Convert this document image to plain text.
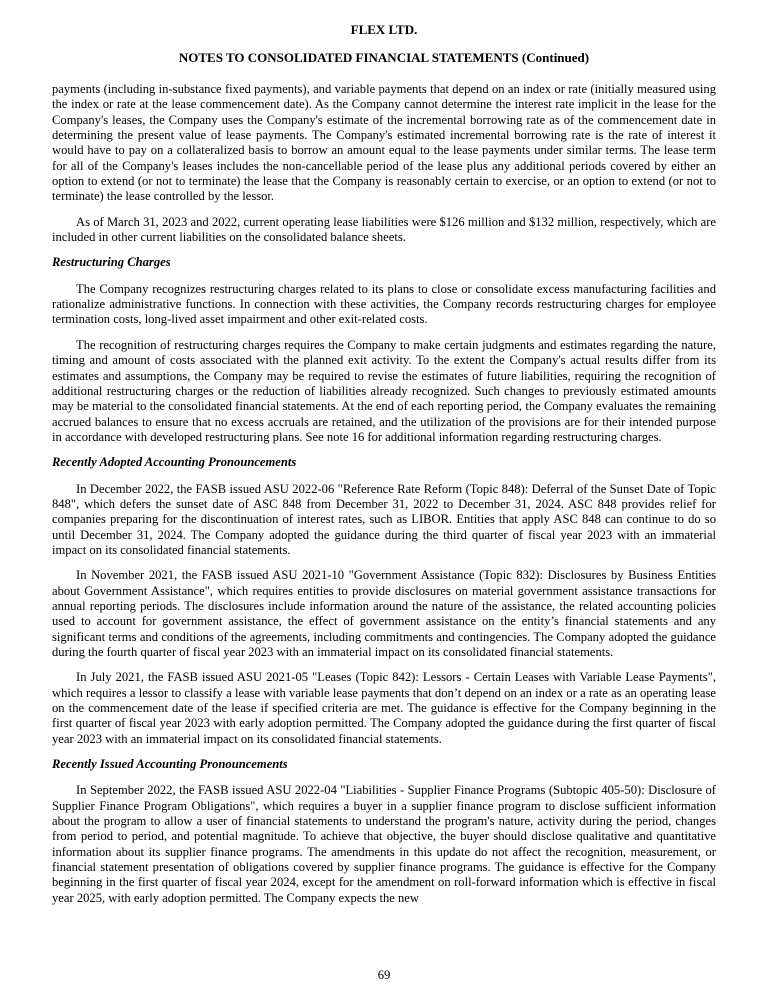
FLEX LTD.
NOTES TO CONSOLIDATED FINANCIAL STATEMENTS (Continued)

payments (including in-substance fixed payments), and variable payments that depend on an index or rate (initially measured using the index or rate at the lease commencement date). As the Company cannot determine the interest rate implicit in the lease for the Company's leases, the Company uses the Company's estimate of the incremental borrowing rate as of the commencement date in determining the present value of lease payments. The Company's estimated incremental borrowing rate is the rate of interest it would have to pay on a collateralized basis to borrow an amount equal to the lease payments under similar terms. The lease term for all of the Company's leases includes the non-cancellable period of the lease plus any additional periods covered by either an option to extend (or not to terminate) the lease that the Company is reasonably certain to exercise, or an option to extend (or not to terminate) the lease controlled by the lessor.

As of March 31, 2023 and 2022, current operating lease liabilities were $126 million and $132 million, respectively, which are included in other current liabilities on the consolidated balance sheets.

Restructuring Charges

The Company recognizes restructuring charges related to its plans to close or consolidate excess manufacturing facilities and rationalize administrative functions. In connection with these activities, the Company records restructuring charges for employee termination costs, long-lived asset impairment and other exit-related costs.

The recognition of restructuring charges requires the Company to make certain judgments and estimates regarding the nature, timing and amount of costs associated with the planned exit activity. To the extent the Company's actual results differ from its estimates and assumptions, the Company may be required to revise the estimates of future liabilities, requiring the recognition of additional restructuring charges or the reduction of liabilities already recognized. Such changes to previously estimated amounts may be material to the consolidated financial statements. At the end of each reporting period, the Company evaluates the remaining accrued balances to ensure that no excess accruals are retained, and the utilization of the provisions are for their intended purpose in accordance with developed restructuring plans. See note 16 for additional information regarding restructuring charges.

Recently Adopted Accounting Pronouncements

In December 2022, the FASB issued ASU 2022-06 "Reference Rate Reform (Topic 848): Deferral of the Sunset Date of Topic 848", which defers the sunset date of ASC 848 from December 31, 2022 to December 31, 2024. ASC 848 provides relief for companies preparing for the discontinuation of interest rates, such as LIBOR. Entities that apply ASC 848 can continue to do so until December 31, 2024. The Company adopted the guidance during the third quarter of fiscal year 2023 with an immaterial impact on its consolidated financial statements.

In November 2021, the FASB issued ASU 2021-10 "Government Assistance (Topic 832): Disclosures by Business Entities about Government Assistance", which requires entities to provide disclosures on material government assistance transactions for annual reporting periods. The disclosures include information around the nature of the assistance, the related accounting policies used to account for government assistance, the effect of government assistance on the entity’s financial statements and any significant terms and conditions of the agreements, including commitments and contingencies. The Company adopted the guidance during the fourth quarter of fiscal year 2023 with an immaterial impact on its consolidated financial statements.

In July 2021, the FASB issued ASU 2021-05 "Leases (Topic 842): Lessors - Certain Leases with Variable Lease Payments", which requires a lessor to classify a lease with variable lease payments that don’t depend on an index or a rate as an operating lease on the commencement date of the lease if specified criteria are met. The guidance is effective for the Company beginning in the first quarter of fiscal year 2023 with early adoption permitted. The Company adopted the guidance during the first quarter of fiscal year 2023 with an immaterial impact on its consolidated financial statements.

Recently Issued Accounting Pronouncements

In September 2022, the FASB issued ASU 2022-04 "Liabilities - Supplier Finance Programs (Subtopic 405-50): Disclosure of Supplier Finance Program Obligations", which requires a buyer in a supplier finance program to disclose sufficient information about the program to allow a user of financial statements to understand the program's nature, activity during the period, changes from period to period, and potential magnitude. To achieve that objective, the buyer should disclose qualitative and quantitative information about its supplier finance programs. The amendments in this update do not affect the recognition, measurement, or financial statement presentation of obligations covered by supplier finance programs. The guidance is effective for the Company beginning in the first quarter of fiscal year 2024, except for the amendment on roll-forward information which is effective in fiscal year 2025, with early adoption permitted. The Company expects the new

69
